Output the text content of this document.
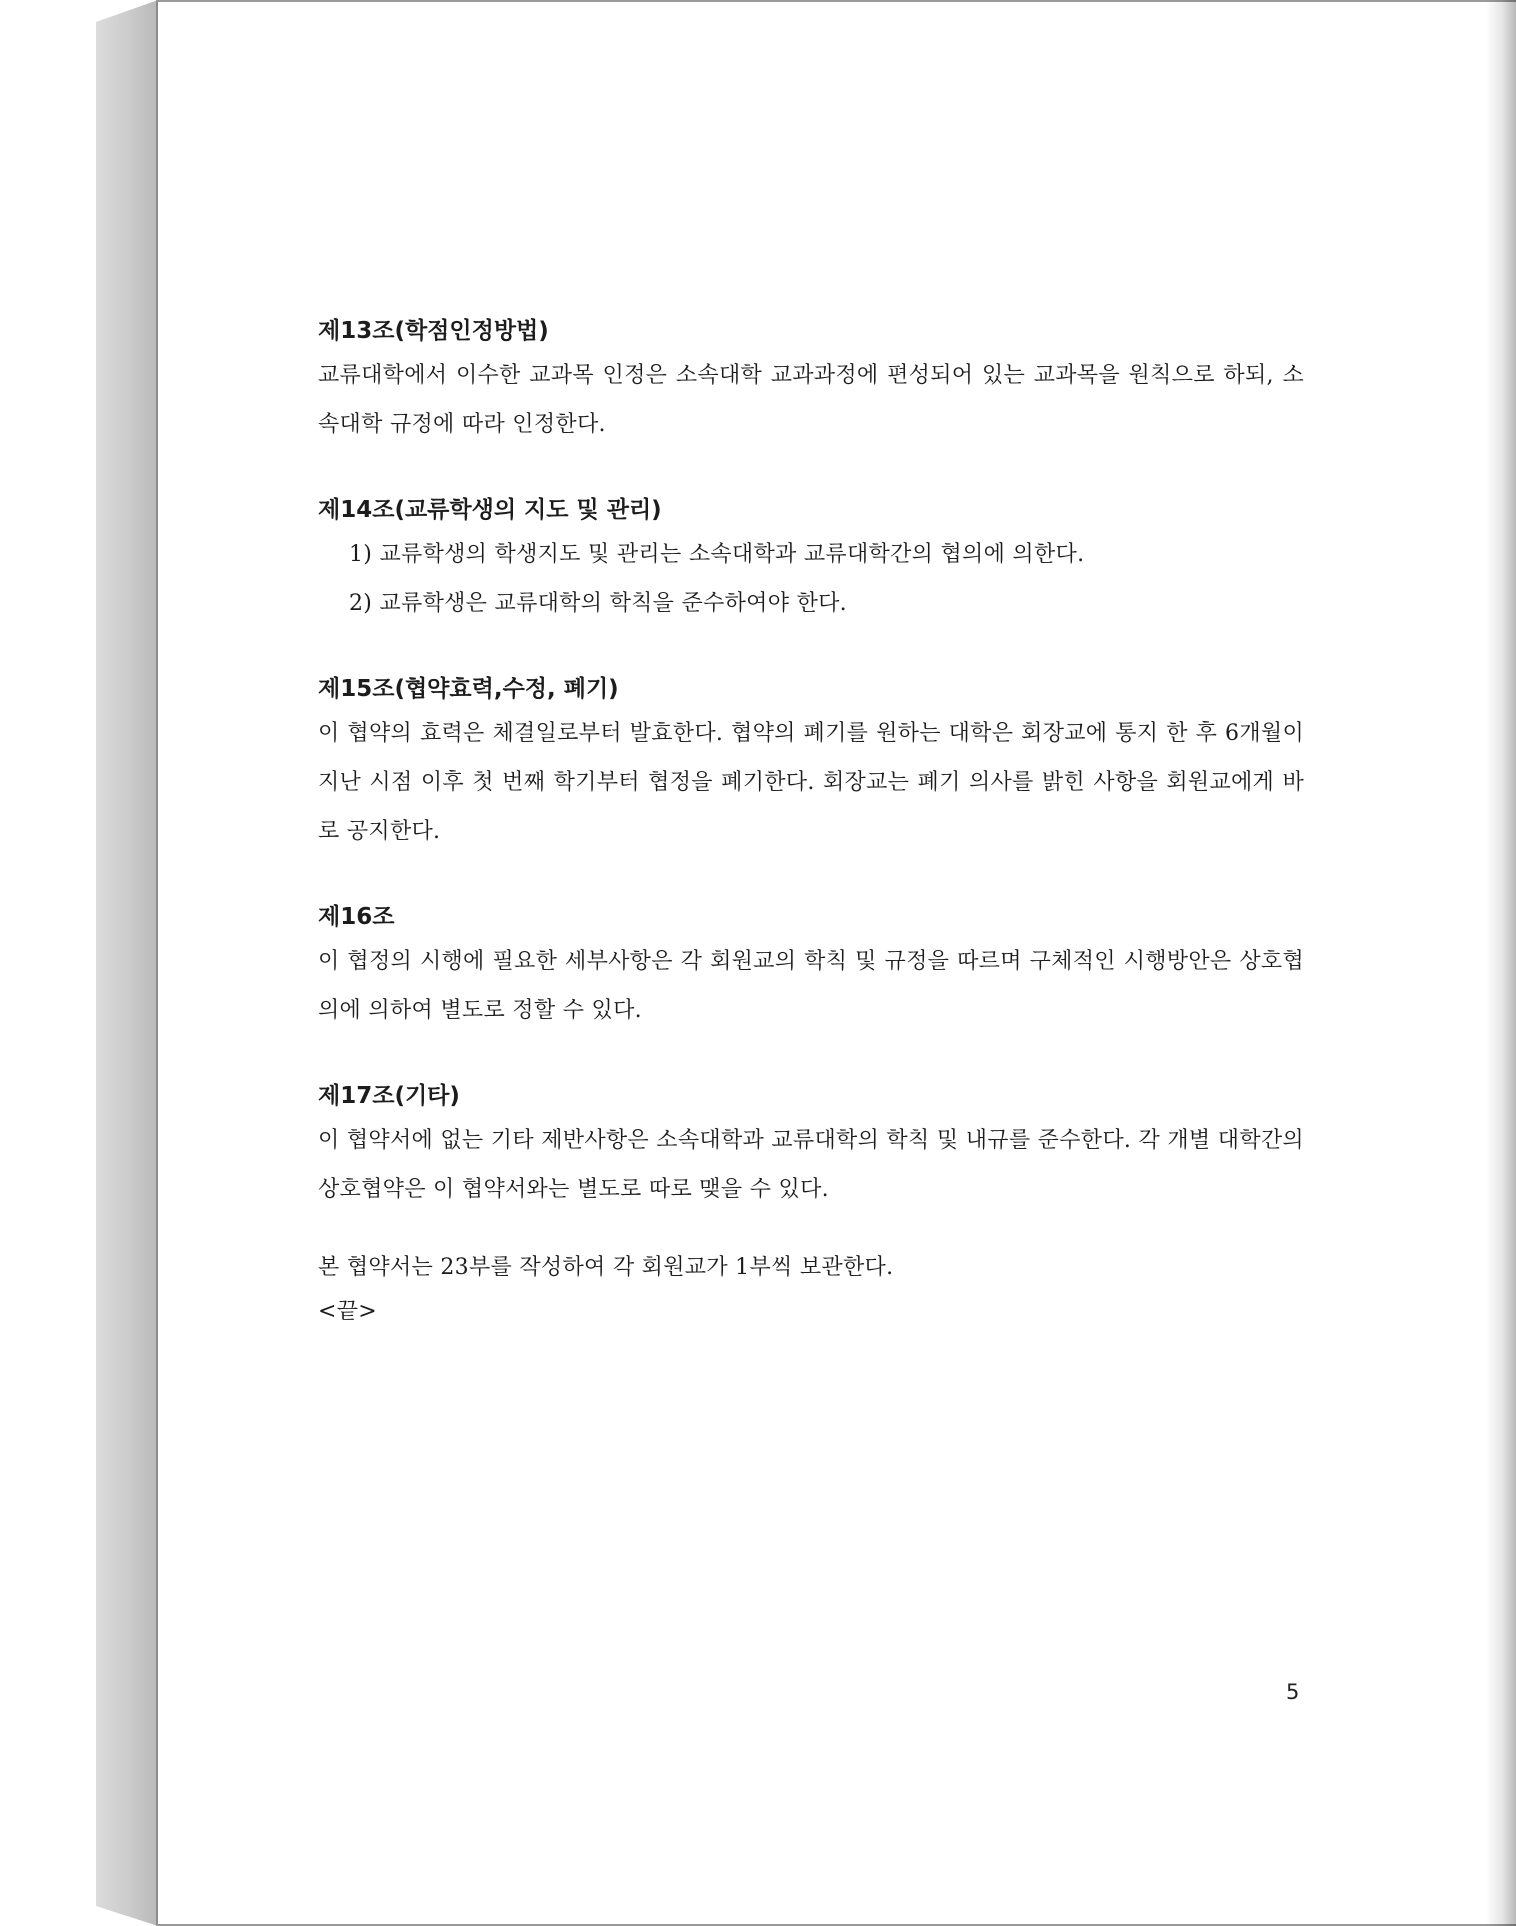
제13조(학점인정방법)
교류대학에서 이수한 교과목 인정은 소속대학 교과과정에 편성되어 있는 교과목을 원칙으로 하되, 소속대학 규정에 따라 인정한다.
제14조(교류학생의 지도 및 관리)
1) 교류학생의 학생지도 및 관리는 소속대학과 교류대학간의 협의에 의한다.
2) 교류학생은 교류대학의 학칙을 준수하여야 한다.
제15조(협약효력,수정, 폐기)
이 협약의 효력은 체결일로부터 발효한다. 협약의 폐기를 원하는 대학은 회장교에 통지 한 후 6개월이 지난 시점 이후 첫 번째 학기부터 협정을 폐기한다. 회장교는 폐기 의사를 밝힌 사항을 회원교에게 바로 공지한다.
제16조
이 협정의 시행에 필요한 세부사항은 각 회원교의 학칙 및 규정을 따르며 구체적인 시행방안은 상호협의에 의하여 별도로 정할 수 있다.
제17조(기타)
이 협약서에 없는 기타 제반사항은 소속대학과 교류대학의 학칙 및 내규를 준수한다. 각 개별 대학간의 상호협약은 이 협약서와는 별도로 따로 맺을 수 있다.
본 협약서는 23부를 작성하여 각 회원교가 1부씩 보관한다.
<끝>
5
